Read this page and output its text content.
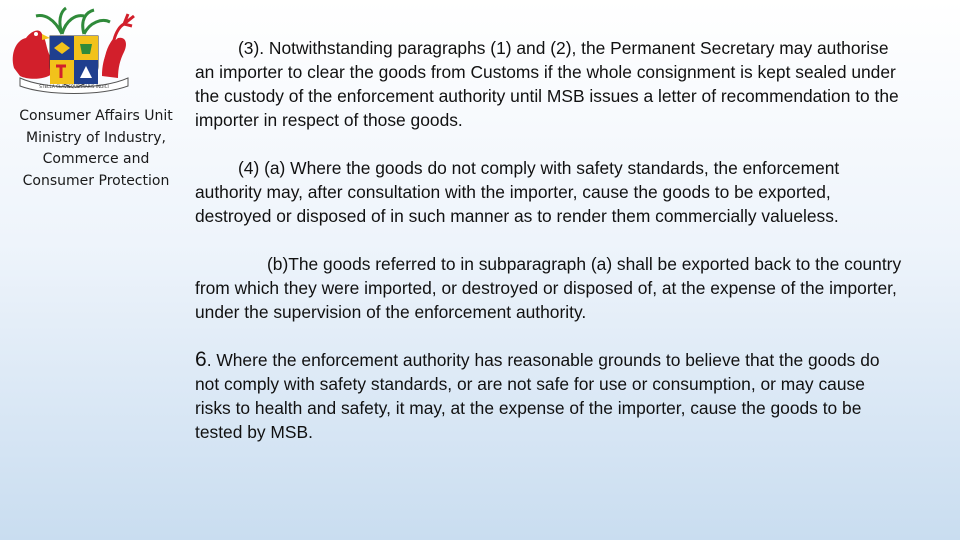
STELLA CLAVISQUE MARIS INDICI
Consumer Affairs Unit
Ministry of Industry,
Commerce and
Consumer Protection

(3). Notwithstanding paragraphs (1) and (2), the Permanent Secretary may authorise an importer to clear the goods from Customs if the whole consignment is kept sealed under the custody of the enforcement authority until MSB issues a letter of recommendation to the importer in respect of those goods.

(4) (a) Where the goods do not comply with safety standards, the enforcement authority may, after consultation with the importer, cause the goods to be exported, destroyed or disposed of in such manner as to render them commercially valueless.

(b)The goods referred to in subparagraph (a) shall be exported back to the country from which they were imported, or destroyed or disposed of, at the expense of the importer, under the supervision of the enforcement authority.

6. Where the enforcement authority has reasonable grounds to believe that the goods do not comply with safety standards, or are not safe for use or consumption, or may cause risks to health and safety, it may, at the expense of the importer, cause the goods to be tested by MSB.
